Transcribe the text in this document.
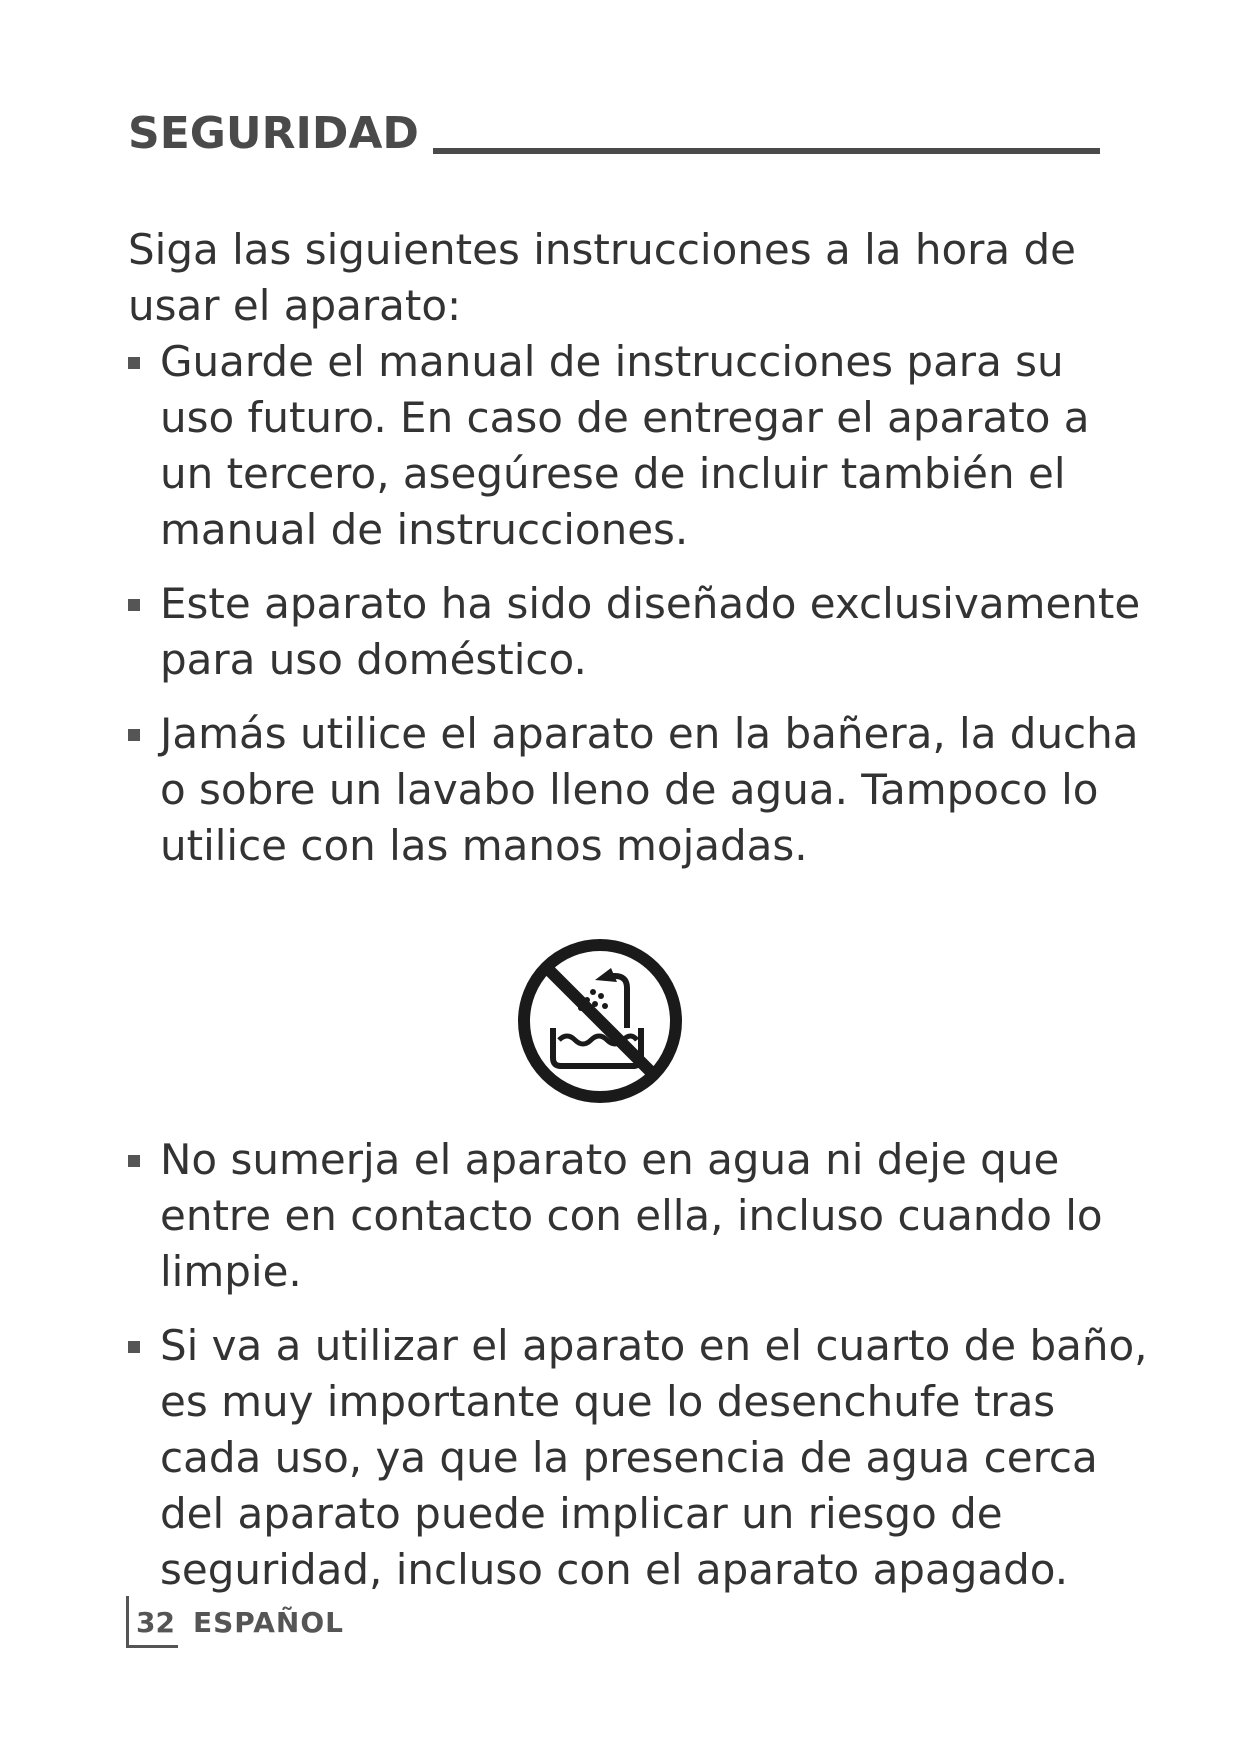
SEGURIDAD

Siga las siguientes instrucciones a la hora de usar el aparato:

Guarde el manual de instrucciones para su uso futuro. En caso de entregar el aparato a un tercero, asegúrese de incluir también el manual de instrucciones.
Este aparato ha sido diseñado exclusivamente para uso doméstico.
Jamás utilice el aparato en la bañera, la ducha o sobre un lavabo lleno de agua. Tampoco lo utilice con las manos mojadas.
No sumerja el aparato en agua ni deje que entre en contacto con ella, incluso cuando lo limpie.
Si va a utilizar el aparato en el cuarto de baño, es muy importante que lo desenchufe tras cada uso, ya que la presencia de agua cerca del aparato puede implicar un riesgo de seguridad, incluso con el aparato apagado.
32 ESPAÑOL
